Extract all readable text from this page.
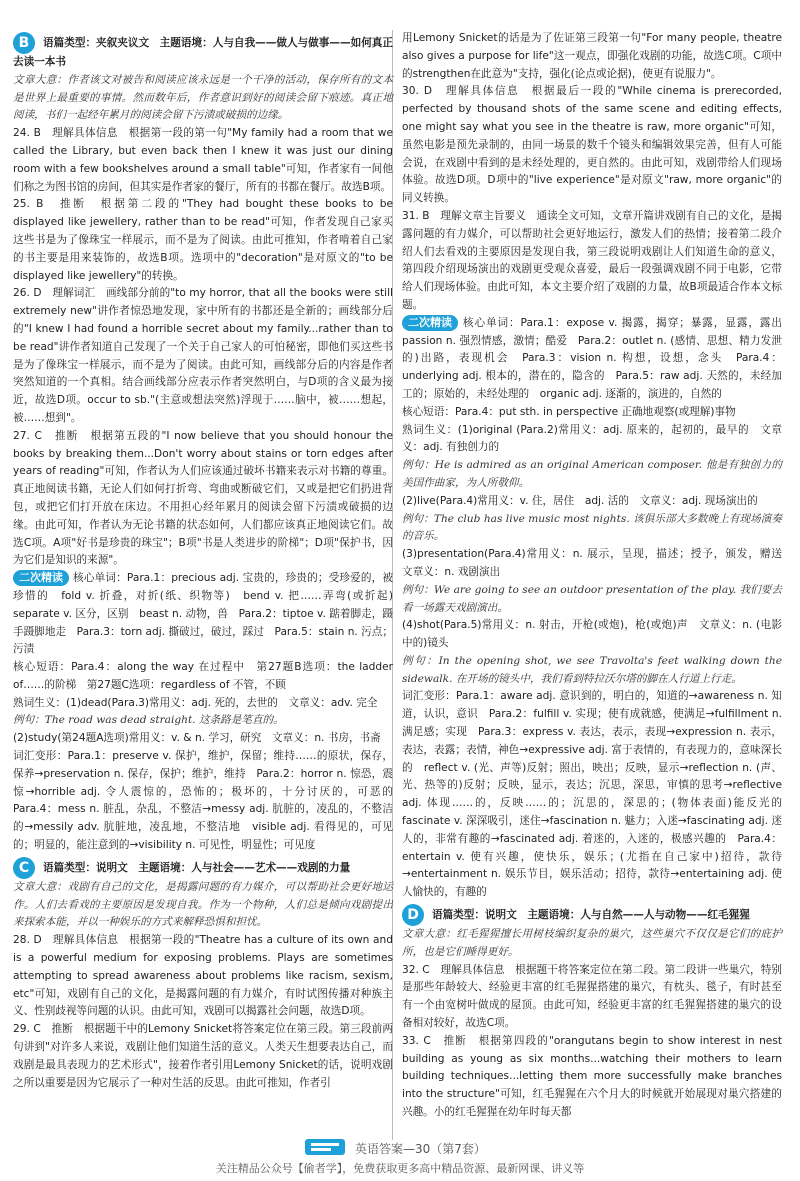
B 语篇类型：夹叙夹议文　主题语境：人与自我——做人与做事——如何真正去读一本书

文章大意：作者该文对被告和阅读应该永远是一个干净的活动，保存所有的文本是世界上最重要的事情。然而数年后，作者意识到好的阅读会留下痕迹。真正地阅读，书们一起经年累月的阅读会留下污渍或破损的边缘。

24. B　理解具体信息　根据第一段的第一句"My family had a room that we called the Library, but even back then I knew it was just our dining room with a few bookshelves around a small table"可知，作者家有一间他们称之为图书馆的房间，但其实是作者家的餐厅，所有的书都在餐厅。故选B项。

25. B　推断　根据第二段的"They had bought these books to be displayed like jewellery, rather than to be read"可知，作者发现自己家买这些书是为了像珠宝一样展示，而不是为了阅读。由此可推知，作者啃着自己家的书主要是用来装饰的，故选B项。选项中的"decoration"是对原文的"to be displayed like jewellery"的转换。

26. D　理解词汇　画线部分前的"to my horror, that all the books were still extremely new"讲作者惊恐地发现，家中所有的书都还是全新的；画线部分后的"I knew I had found a horrible secret about my family...rather than to be read"讲作者知道自己发现了一个关于自己家人的可怕秘密，即他们买这些书是为了像珠宝一样展示，而不是为了阅读。由此可知，画线部分后的内容是作者突然知道的一个真相。结合画线部分应表示作者突然明白，与D项的含义最为接近，故选D项。occur to sb."(主意或想法突然)浮现于……脑中，被……想起，被……想到"。

27. C　推断　根据第五段的"I now believe that you should honour the books by breaking them...Don't worry about stains or torn edges after years of reading"可知，作者认为人们应该通过破坏书籍来表示对书籍的尊重。真正地阅读书籍，无论人们如何打折弯、弯曲或断破它们，又或是把它们扔进背包，或把它们打开放在床边。不用担心经年累月的阅读会留下污渍或破损的边缘。由此可知，作者认为无论书籍的状态如何，人们都应该真正地阅读它们。故选C项。A项"好书是珍贵的珠宝"；B项"书是人类进步的阶梯"；D项"保护书，因为它们是知识的来源"。

二次精读 核心单词：Para.1：precious adj. 宝贵的，珍贵的；受珍爱的，被珍惜的　fold v. 折叠，对折(纸、织物等)　bend v. 把……弄弯(或折起)　separate v. 区分，区别　beast n. 动物，兽　Para.2：tiptoe v. 踮着脚走，蹑手蹑脚地走　Para.3：torn adj. 撕破过，破过，踩过　Para.5：stain n. 污点；污渍

核心短语：Para.4：along the way 在过程中　第27题B选项：the ladder of……的阶梯　第27题C选项：regardless of 不管，不顾

熟词生义：(1)dead(Para.3)常用义：adj. 死的，去世的　文章义：adv. 完全

例句：The road was dead straight. 这条路是笔直的。

(2)study(第24题A选项)常用义：v. & n. 学习，研究　文章义：n. 书房，书斋

词汇变形：Para.1：preserve v. 保护，维护，保留；维持……的原状，保存，保养→preservation n. 保存，保护；维护，维持　Para.2：horror n. 惊恐，震惊→horrible adj. 令人震惊的，恐怖的；极坏的，十分讨厌的，可恶的　Para.4：mess n. 脏乱，杂乱，不整洁→messy adj. 肮脏的，凌乱的，不整洁的→messily adv. 肮脏地，凌乱地，不整洁地　visible adj. 看得见的，可见的；明显的，能注意到的→visibility n. 可见性，明显性；可见度

C 语篇类型：说明文　主题语境：人与社会——艺术——戏剧的力量

文章大意：戏剧有自己的文化，是揭露问题的有力媒介，可以帮助社会更好地运作。人们去看戏的主要原因是发现自我。作为一个物种，人们总是倾向戏剧提出来探索本能，并以一种娱乐的方式来解释恐惧和担忧。

28. D　理解具体信息　根据第一段的"Theatre has a culture of its own and is a powerful medium for exposing problems. Plays are sometimes attempting to spread awareness about problems like racism, sexism, etc"可知，戏剧有自己的文化，是揭露问题的有力媒介，有时试图传播对种族主义、性别歧视等问题的认识。由此可知，戏剧可以揭露社会问题，故选D项。

29. C　推断　根据题干中的Lemony Snicket将答案定位在第三段。第三段前两句讲到"对许多人来说，戏剧让他们知道生活的意义。人类天生想要表达自己，而戏剧是最具表现力的艺术形式"，接着作者引用Lemony Snicket的话，说明戏剧之所以重要是因为它展示了一种对生活的反思。由此可推知，作者引

用Lemony Snicket的话是为了佐证第三段第一句"For many people, theatre also gives a purpose for life"这一观点，即强化戏剧的功能，故选C项。C项中的strengthen在此意为"支持，强化(论点或论据)，使更有说服力"。

30. D　理解具体信息　根据最后一段的"While cinema is prerecorded, perfected by thousand shots of the same scene and editing effects, one might say what you see in the theatre is raw, more organic"可知，虽然电影是预先录制的，由同一场景的数千个镜头和编辑效果完善，但有人可能会说，在戏剧中看到的是未经处理的，更自然的。由此可知，戏剧带给人们现场体验。故选D项。D项中的"live experience"是对原文"raw, more organic"的同义转换。

31. B　理解文章主旨要义　通读全文可知，文章开篇讲戏剧有自己的文化，是揭露问题的有力媒介，可以帮助社会更好地运行，激发人们的热情；接着第二段介绍人们去看戏的主要原因是发现自我，第三段说明戏剧让人们知道生命的意义，第四段介绍现场演出的戏剧更受观众喜爱，最后一段强调戏剧不同于电影，它带给人们现场体验。由此可知，本文主要介绍了戏剧的力量，故B项最适合作本文标题。

二次精读 核心单词：Para.1：expose v. 揭露，揭穿；暴露，显露，露出　passion n. 强烈情感，激情；酷爱　Para.2：outlet n. (感情、思想、精力发泄的)出路，表现机会　Para.3：vision n. 构想，设想，念头　Para.4：underlying adj. 根本的，潜在的，隐含的　Para.5：raw adj. 天然的，未经加工的；原始的，未经处理的　organic adj. 逐渐的，演进的，自然的

核心短语：Para.4：put sth. in perspective 正确地观察(或理解)事物

熟词生义：(1)original (Para.2)常用义：adj. 原来的，起初的，最早的　文章义：adj. 有独创力的

例句：He is admired as an original American composer. 他是有独创力的美国作曲家，为人所敬仰。

(2)live(Para.4)常用义：v. 住，居住　adj. 活的　文章义：adj. 现场演出的

例句：The club has live music most nights. 该俱乐部大多数晚上有现场演奏的音乐。

(3)presentation(Para.4)常用义：n. 展示，呈现，描述；授予，颁发，赠送　文章义：n. 戏剧演出

例句：We are going to see an outdoor presentation of the play. 我们要去看一场露天戏剧演出。

(4)shot(Para.5)常用义：n. 射击，开枪(或炮)，枪(或炮)声　文章义：n. (电影中的)镜头

例句：In the opening shot, we see Travolta's feet walking down the sidewalk. 在开场的镜头中，我们看到特拉沃尔塔的脚在人行道上行走。

词汇变形：Para.1：aware adj. 意识到的，明白的，知道的→awareness n. 知道，认识，意识　Para.2：fulfill v. 实现；使有成就感，使满足→fulfillment n. 满足感；实现　Para.3：express v. 表达，表示，表现→expression n. 表示，表达，表露；表情，神色→expressive adj. 富于表情的，有表现力的，意味深长的　reflect v. (光、声等)反射；照出，映出；反映，显示→reflection n. (声、光、热等的)反射；反映，显示，表达；沉思，深思，审慎的思考→reflective adj. 体现……的，反映……的；沉思的，深思的；(物体表面)能反光的　fascinate v. 深深吸引，迷住→fascination n. 魅力；入迷→fascinating adj. 迷人的，非常有趣的→fascinated adj. 着迷的，入迷的，极感兴趣的　Para.4：entertain v. 使有兴趣，使快乐，娱乐；(尤指在自己家中)招待，款待→entertainment n. 娱乐节目，娱乐活动；招待，款待→entertaining adj. 使人愉快的，有趣的

D 语篇类型：说明文　主题语境：人与自然——人与动物——红毛猩猩

文章大意：红毛猩猩擅长用树枝编织复杂的巢穴，这些巢穴不仅仅是它们的庇护所，也是它们睡得更好。

32. C　理解具体信息　根据题干将答案定位在第二段。第二段讲一些巢穴，特别是那些年龄较大、经验更丰富的红毛猩猩搭建的巢穴，有枕头、毯子，有时甚至有一个由宽树叶做成的屋顶。由此可知，经验更丰富的红毛猩猩搭建的巢穴的设备相对较好，故选C项。

33. C　推断　根据第四段的"orangutans begin to show interest in nest building as young as six months...watching their mothers to learn building techniques...letting them more successfully make branches into the structure"可知，红毛猩猩在六个月大的时候就开始展现对巢穴搭建的兴趣。小的红毛猩猩在幼年时每天都

英语答案—30（第7套）
关注精品公众号【偷者学】，免费获取更多高中精品资源、最新网课、讲义等
